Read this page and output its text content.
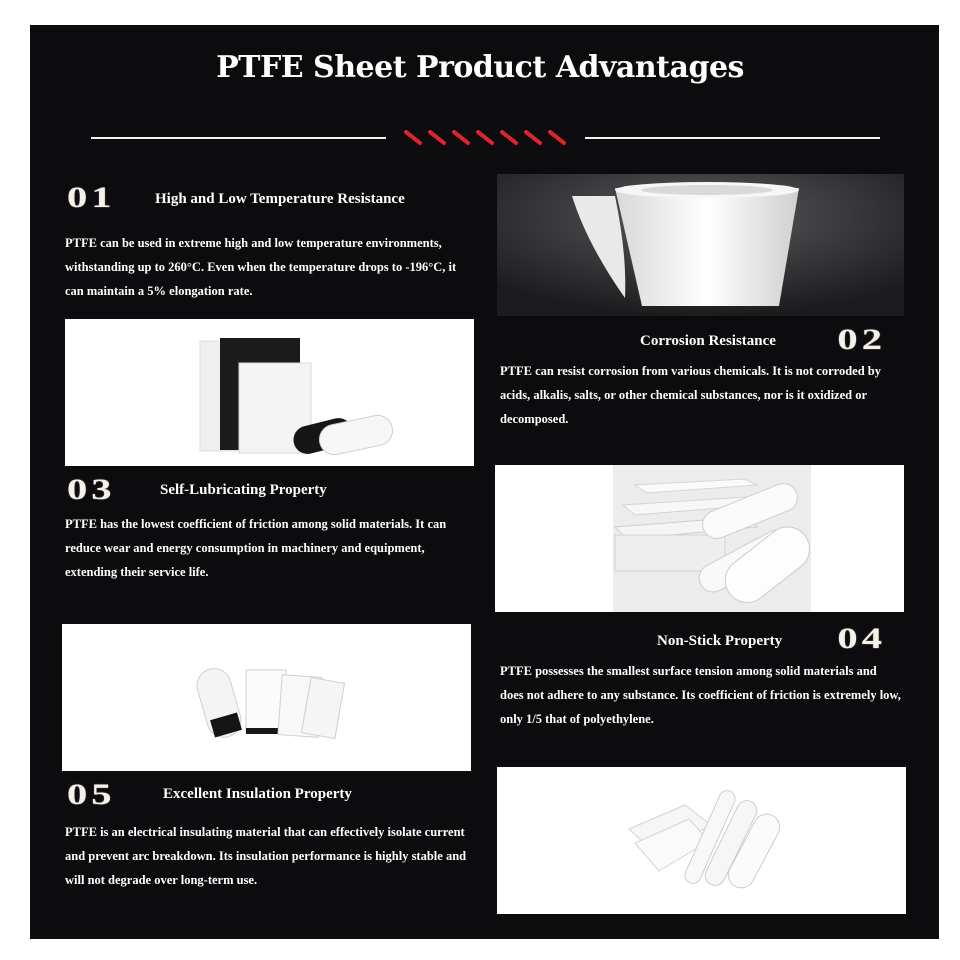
PTFE Sheet Product Advantages
01	High and Low Temperature Resistance
PTFE can be used in extreme high and low temperature environments, withstanding up to 260°C. Even when the temperature drops to -196°C, it can maintain a 5% elongation rate.
Corrosion Resistance	02
PTFE can resist corrosion from various chemicals. It is not corroded by acids, alkalis, salts, or other chemical substances, nor is it oxidized or decomposed.
03	Self-Lubricating Property
PTFE has the lowest coefficient of friction among solid materials. It can reduce wear and energy consumption in machinery and equipment, extending their service life.
Non-Stick Property	04
PTFE possesses the smallest surface tension among solid materials and does not adhere to any substance. Its coefficient of friction is extremely low, only 1/5 that of polyethylene.
05	Excellent Insulation Property
PTFE is an electrical insulating material that can effectively isolate current and prevent arc breakdown. Its insulation performance is highly stable and will not degrade over long-term use.
